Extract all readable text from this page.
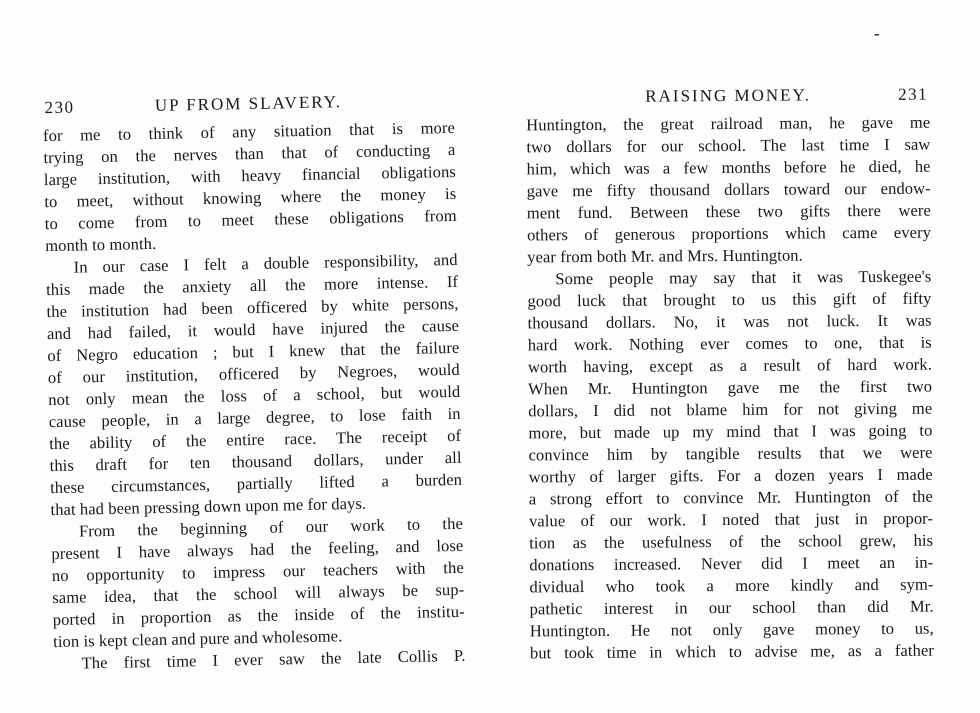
230	UP FROM SLAVERY.
for me to think of any situation that is more
trying on the nerves than that of conducting a
large institution, with heavy financial obligations
to meet, without knowing where the money is
to come from to meet these obligations from
month to month.
In our case I felt a double responsibility, and
this made the anxiety all the more intense. If
the institution had been officered by white persons,
and had failed, it would have injured the cause
of Negro education ; but I knew that the failure
of our institution, officered by Negroes, would
not only mean the loss of a school, but would
cause people, in a large degree, to lose faith in
the ability of the entire race. The receipt of
this draft for ten thousand dollars, under all
these circumstances, partially lifted a burden
that had been pressing down upon me for days.
From the beginning of our work to the
present I have always had the feeling, and lose
no opportunity to impress our teachers with the
same idea, that the school will always be sup-
ported in proportion as the inside of the institu-
tion is kept clean and pure and wholesome.
The first time I ever saw the late Collis P.
RAISING MONEY.	231
Huntington, the great railroad man, he gave me
two dollars for our school. The last time I saw
him, which was a few months before he died, he
gave me fifty thousand dollars toward our endow-
ment fund. Between these two gifts there were
others of generous proportions which came every
year from both Mr. and Mrs. Huntington.
Some people may say that it was Tuskegee's
good luck that brought to us this gift of fifty
thousand dollars. No, it was not luck. It was
hard work. Nothing ever comes to one, that is
worth having, except as a result of hard work.
When Mr. Huntington gave me the first two
dollars, I did not blame him for not giving me
more, but made up my mind that I was going to
convince him by tangible results that we were
worthy of larger gifts. For a dozen years I made
a strong effort to convince Mr. Huntington of the
value of our work. I noted that just in propor-
tion as the usefulness of the school grew, his
donations increased. Never did I meet an in-
dividual who took a more kindly and sym-
pathetic interest in our school than did Mr.
Huntington. He not only gave money to us,
but took time in which to advise me, as a father
-
